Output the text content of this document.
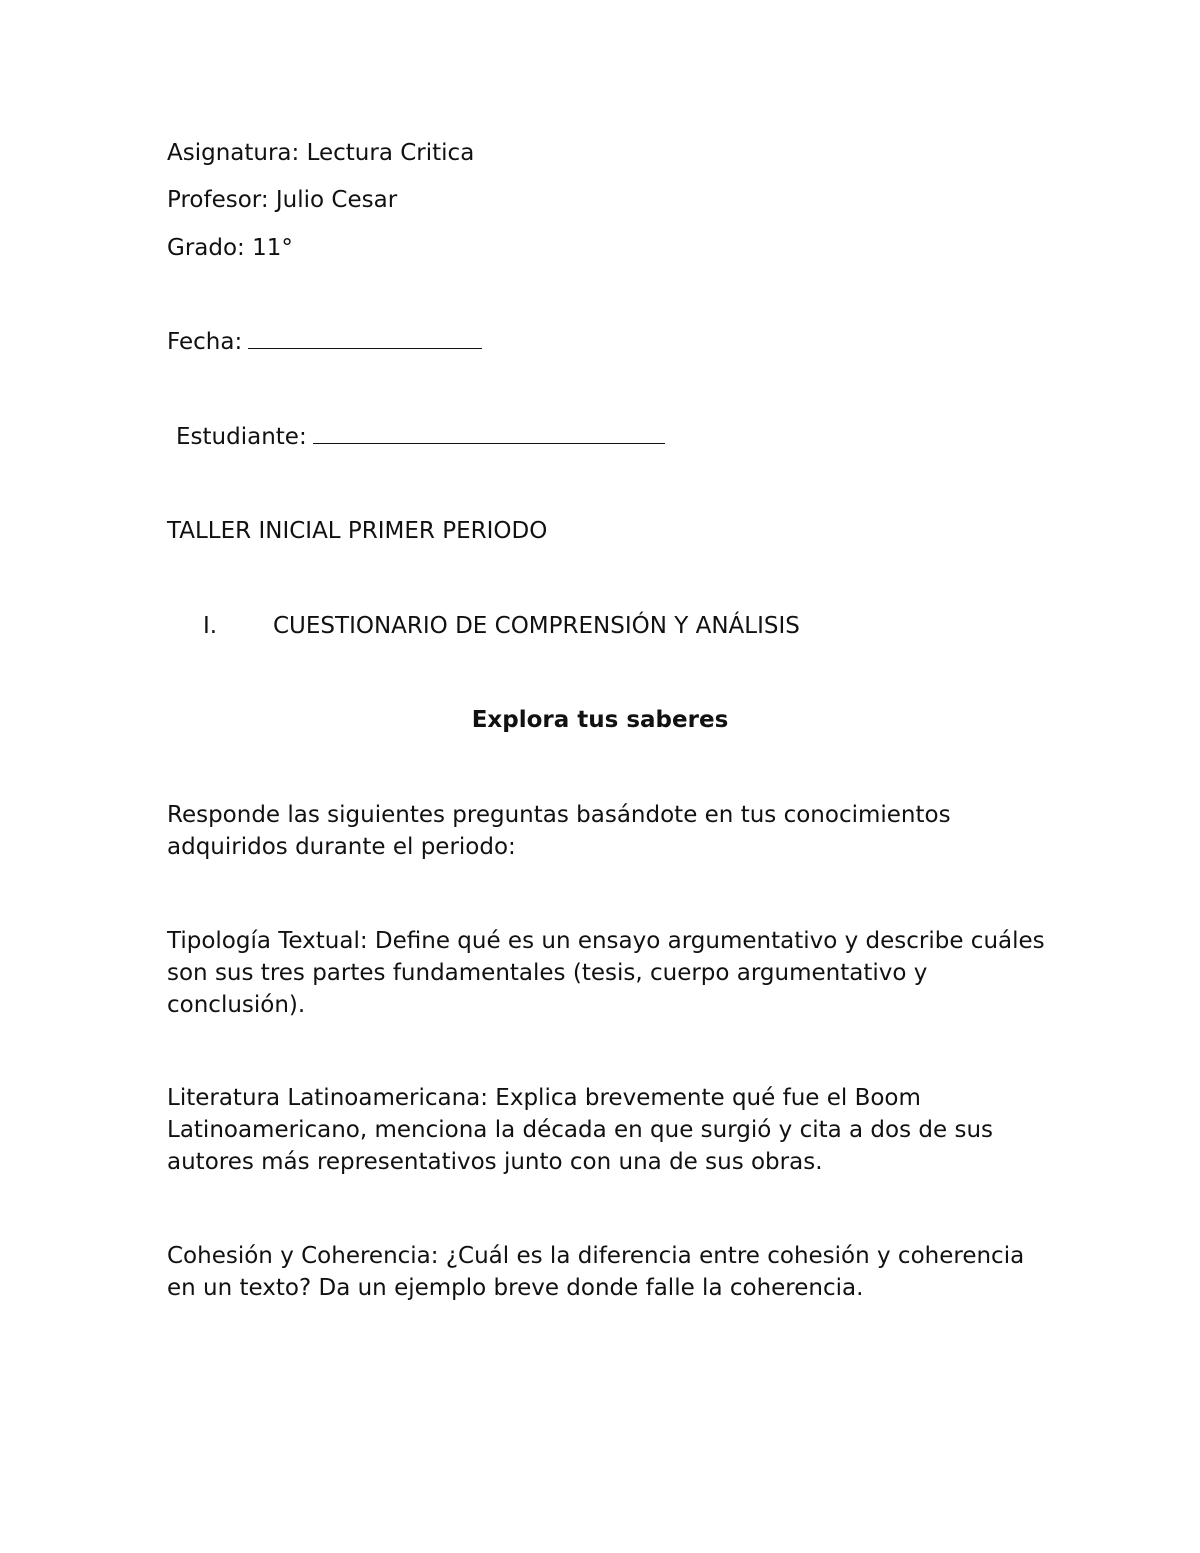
Asignatura: Lectura Critica
Profesor: Julio Cesar
Grado: 11°
Fecha:
Estudiante:
TALLER INICIAL PRIMER PERIODO
I. CUESTIONARIO DE COMPRENSIÓN Y ANÁLISIS
Explora tus saberes
Responde las siguientes preguntas basándote en tus conocimientos adquiridos durante el periodo:
Tipología Textual: Define qué es un ensayo argumentativo y describe cuáles son sus tres partes fundamentales (tesis, cuerpo argumentativo y conclusión).
Literatura Latinoamericana: Explica brevemente qué fue el Boom Latinoamericano, menciona la década en que surgió y cita a dos de sus autores más representativos junto con una de sus obras.
Cohesión y Coherencia: ¿Cuál es la diferencia entre cohesión y coherencia en un texto? Da un ejemplo breve donde falle la coherencia.
